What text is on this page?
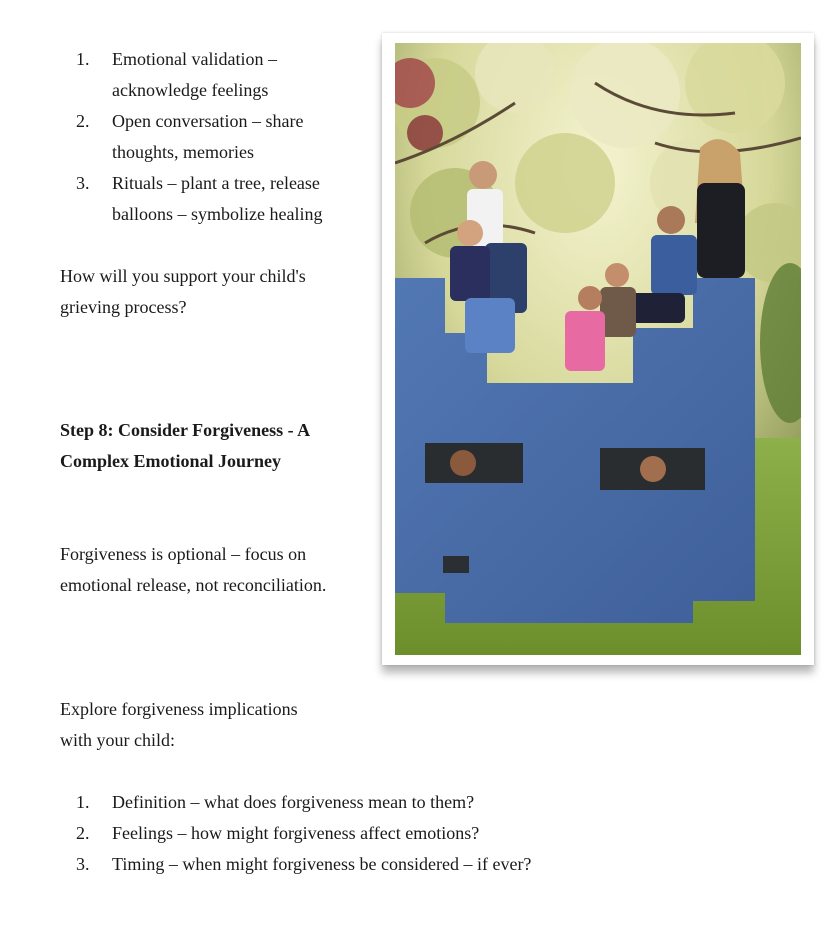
1. Emotional validation –
acknowledge feelings
2. Open conversation – share
thoughts, memories
3. Rituals – plant a tree, release
balloons – symbolize healing

How will you support your child's
grieving process?

Step 8: Consider Forgiveness - A
Complex Emotional Journey

Forgiveness is optional – focus on
emotional release, not reconciliation.

Explore forgiveness implications
with your child:

1. Definition – what does forgiveness mean to them?
2. Feelings – how might forgiveness affect emotions?
3. Timing – when might forgiveness be considered – if ever?
